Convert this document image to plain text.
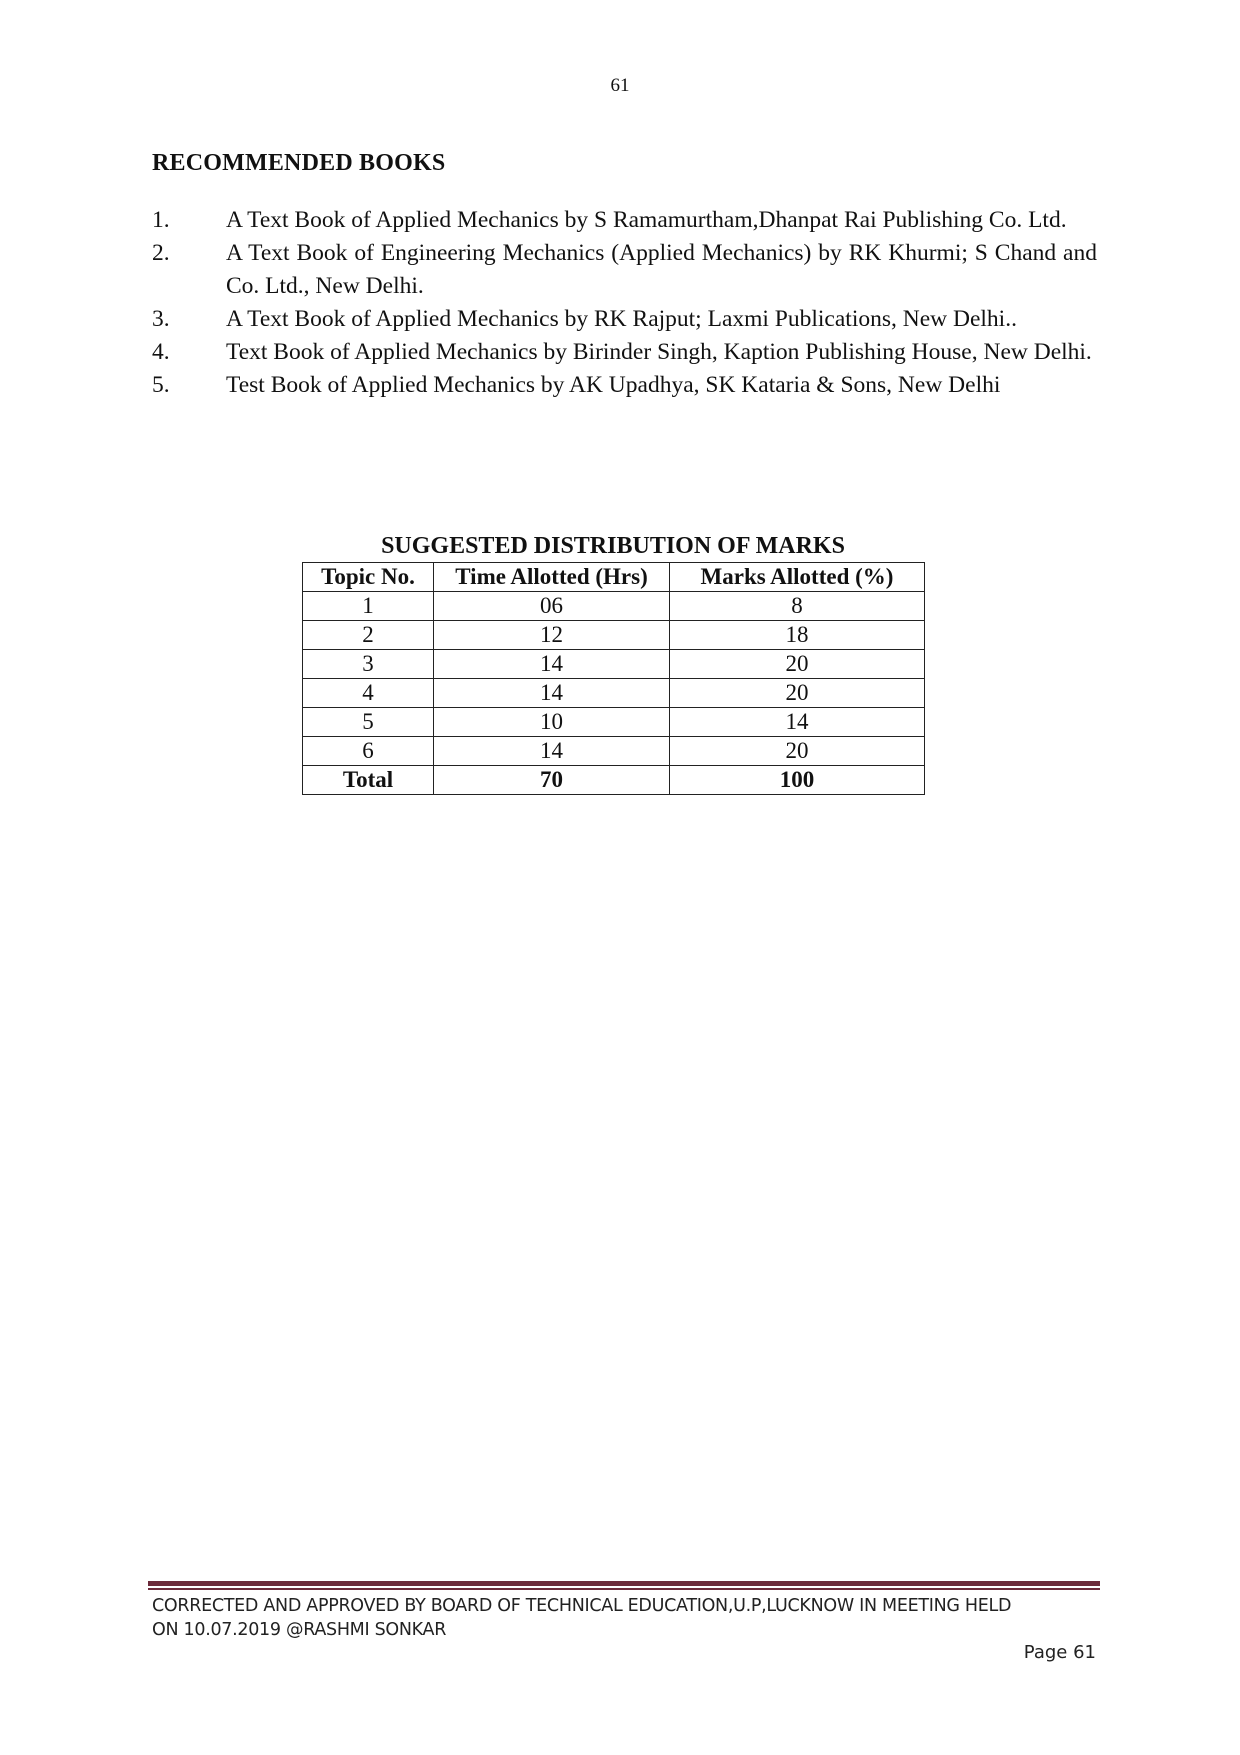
61
RECOMMENDED BOOKS
1.	A Text Book of Applied Mechanics by S Ramamurtham,Dhanpat Rai Publishing Co. Ltd.
2.	A Text Book of Engineering Mechanics (Applied Mechanics) by RK Khurmi; S Chand and Co. Ltd., New Delhi.
3.	A Text Book of Applied Mechanics by RK Rajput; Laxmi Publications, New Delhi..
4.	Text Book of Applied Mechanics by Birinder Singh, Kaption Publishing House, New Delhi.
5.	Test Book of Applied Mechanics by AK Upadhya, SK Kataria & Sons, New Delhi
SUGGESTED DISTRIBUTION OF MARKS
Topic No.	Time Allotted (Hrs)	Marks Allotted (%)
1	06	8
2	12	18
3	14	20
4	14	20
5	10	14
6	14	20
Total	70	100
CORRECTED AND APPROVED BY BOARD OF TECHNICAL EDUCATION,U.P,LUCKNOW IN MEETING HELD
ON 10.07.2019 @RASHMI SONKAR
Page 61
